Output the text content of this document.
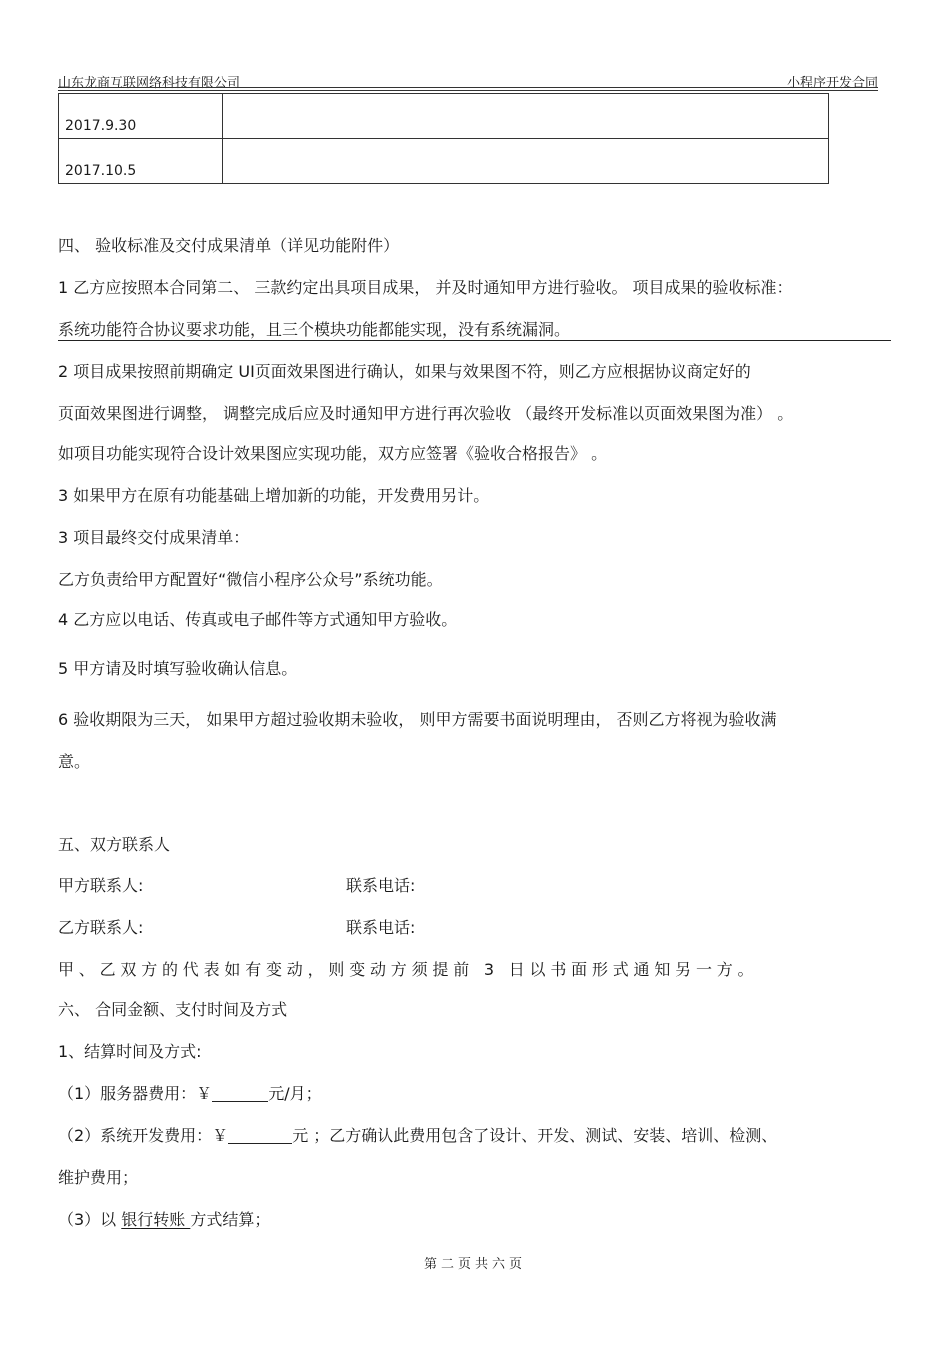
山东龙商互联网络科技有限公司	小程序开发合同
2017.9.30	
2017.10.5	
四、 验收标准及交付成果清单（详见功能附件）
1 乙方应按照本合同第二、 三款约定出具项目成果， 并及时通知甲方进行验收。 项目成果的验收标准：
系统功能符合协议要求功能，且三个模块功能都能实现，没有系统漏洞。
2 项目成果按照前期确定 UI页面效果图进行确认，如果与效果图不符，则乙方应根据协议商定好的
页面效果图进行调整， 调整完成后应及时通知甲方进行再次验收 （最终开发标准以页面效果图为准） 。
如项目功能实现符合设计效果图应实现功能，双方应签署《验收合格报告》 。
3 如果甲方在原有功能基础上增加新的功能，开发费用另计。
3 项目最终交付成果清单：
乙方负责给甲方配置好“微信小程序公众号”系统功能。
4 乙方应以电话、传真或电子邮件等方式通知甲方验收。
5 甲方请及时填写验收确认信息。
6 验收期限为三天， 如果甲方超过验收期未验收， 则甲方需要书面说明理由， 否则乙方将视为验收满
意。
五、双方联系人
甲方联系人:	联系电话:
乙方联系人:	联系电话:
甲、乙双方的代表如有变动，则变动方须提前 3 日以书面形式通知另一方。
六、 合同金额、支付时间及方式
1、结算时间及方式:
（1）服务器费用：￥	元/月；
（2）系统开发费用：￥	元 ；乙方确认此费用包含了设计、开发、测试、安装、培训、检测、
维护费用；
（3）以 银行转账 方式结算；
第二页共六页
